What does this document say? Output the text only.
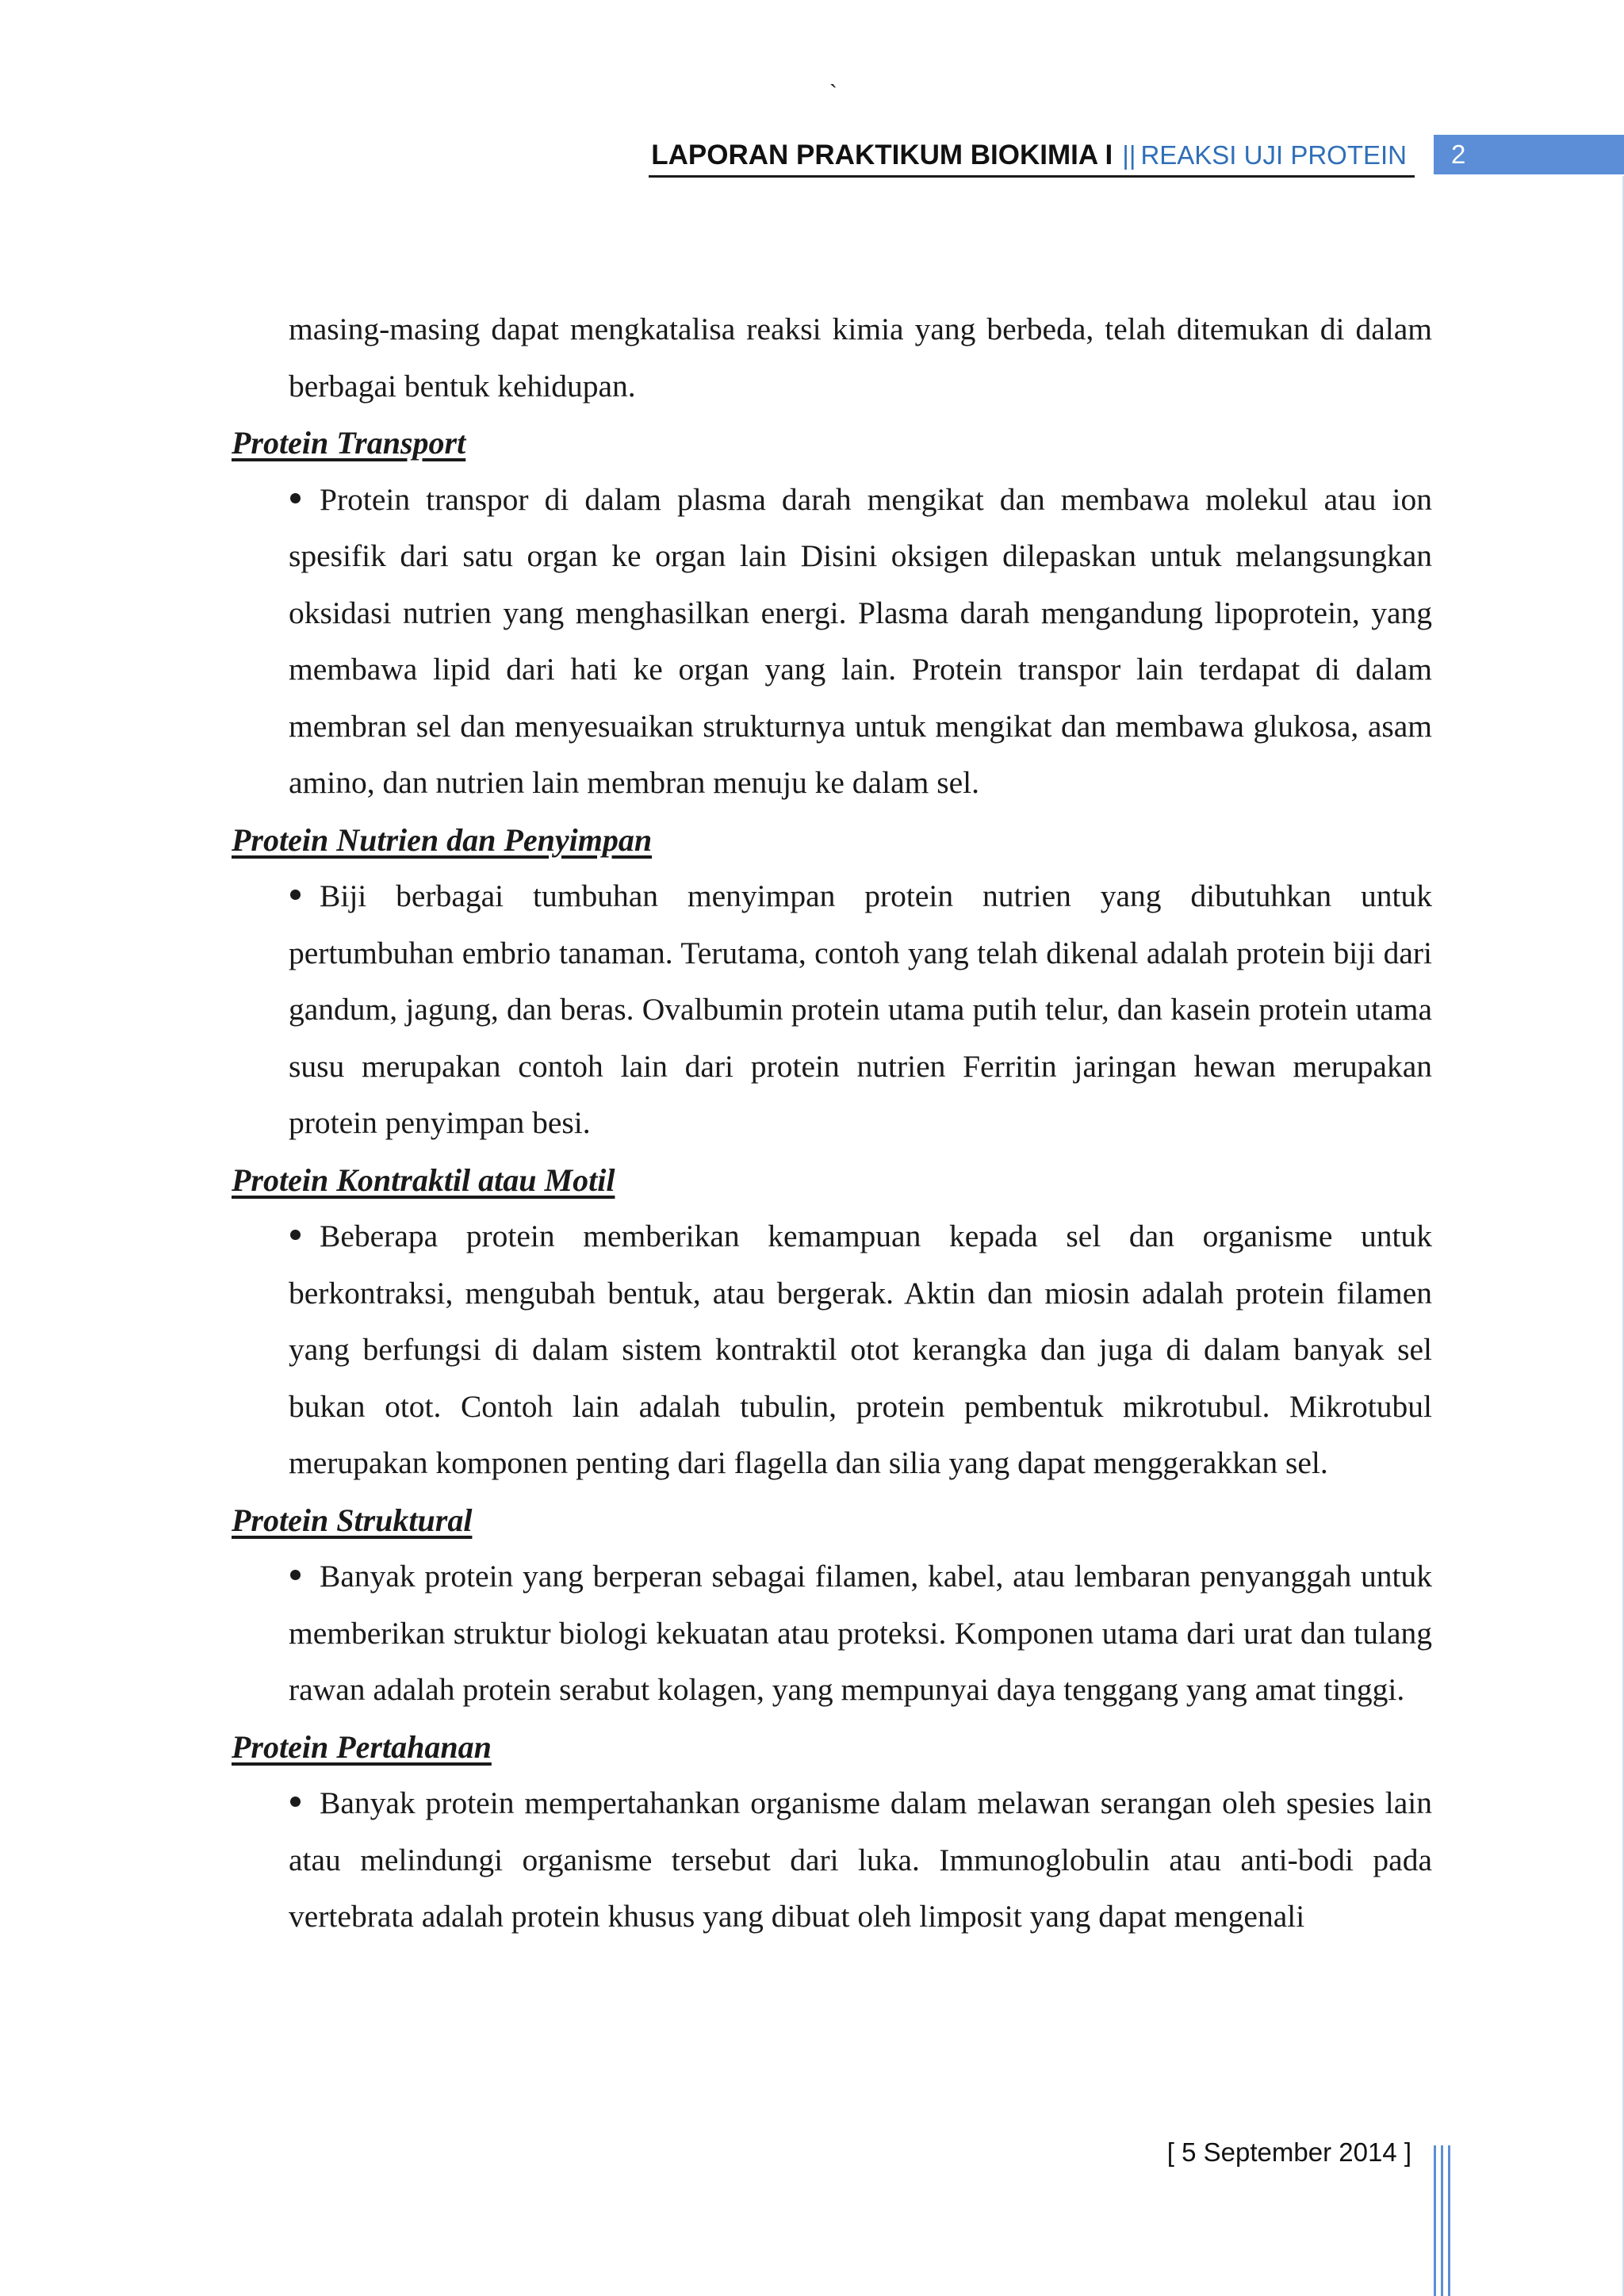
`
LAPORAN PRAKTIKUM BIOKIMIA I || REAKSI UJI PROTEIN	2

masing-masing dapat mengkatalisa reaksi kimia yang berbeda, telah ditemukan di dalam berbagai bentuk kehidupan.

Protein Transport

Protein transpor di dalam plasma darah mengikat dan membawa molekul atau ion spesifik dari satu organ ke organ lain Disini oksigen dilepaskan untuk melangsungkan oksidasi nutrien yang menghasilkan energi. Plasma darah mengandung lipoprotein, yang membawa lipid dari hati ke organ yang lain. Protein transpor lain terdapat di dalam membran sel dan menyesuaikan strukturnya untuk mengikat dan membawa glukosa, asam amino, dan nutrien lain membran menuju ke dalam sel.

Protein Nutrien dan Penyimpan

Biji berbagai tumbuhan menyimpan protein nutrien yang dibutuhkan untuk pertumbuhan embrio tanaman. Terutama, contoh yang telah dikenal adalah protein biji dari gandum, jagung, dan beras. Ovalbumin protein utama putih telur, dan kasein protein utama susu merupakan contoh lain dari protein nutrien Ferritin jaringan hewan merupakan protein penyimpan besi.

Protein Kontraktil atau Motil

Beberapa protein memberikan kemampuan kepada sel dan organisme untuk berkontraksi, mengubah bentuk, atau bergerak. Aktin dan miosin adalah protein filamen yang berfungsi di dalam sistem kontraktil otot kerangka dan juga di dalam banyak sel bukan otot. Contoh lain adalah tubulin, protein pembentuk mikrotubul. Mikrotubul merupakan komponen penting dari flagella dan silia yang dapat menggerakkan sel.

Protein Struktural

Banyak protein yang berperan sebagai filamen, kabel, atau lembaran penyanggah untuk memberikan struktur biologi kekuatan atau proteksi. Komponen utama dari urat dan tulang rawan adalah protein serabut kolagen, yang mempunyai daya tenggang yang amat tinggi.

Protein Pertahanan

Banyak protein mempertahankan organisme dalam melawan serangan oleh spesies lain atau melindungi organisme tersebut dari luka. Immunoglobulin atau anti-bodi pada vertebrata adalah protein khusus yang dibuat oleh limposit yang dapat mengenali

[ 5 September 2014 ]
